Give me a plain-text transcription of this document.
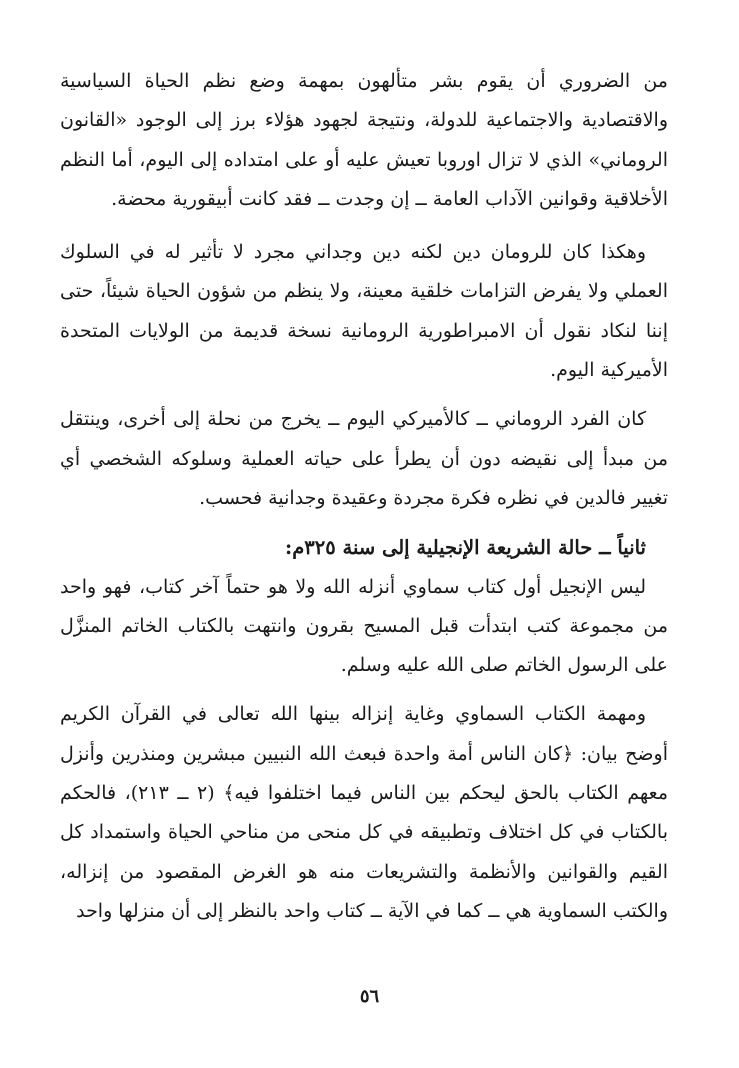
من الضروري أن يقوم بشر متألهون بمهمة وضع نظم الحياة السياسية والاقتصادية والاجتماعية للدولة، ونتيجة لجهود هؤلاء برز إلى الوجود «القانون الروماني» الذي لا تزال اوروبا تعيش عليه أو على امتداده إلى اليوم، أما النظم الأخلاقية وقوانين الآداب العامة ــ إن وجدت ــ فقد كانت أبيقورية محضة.

وهكذا كان للرومان دين لكنه دين وجداني مجرد لا تأثير له في السلوك العملي ولا يفرض التزامات خلقية معينة، ولا ينظم من شؤون الحياة شيئاً، حتى إننا لنكاد نقول أن الامبراطورية الرومانية نسخة قديمة من الولايات المتحدة الأميركية اليوم.

كان الفرد الروماني ــ كالأميركي اليوم ــ يخرج من نحلة إلى أخرى، وينتقل من مبدأ إلى نقيضه دون أن يطرأ على حياته العملية وسلوكه الشخصي أي تغيير فالدين في نظره فكرة مجردة وعقيدة وجدانية فحسب.

ثانياً ــ حالة الشريعة الإنجيلية إلى سنة ٣٢٥م:

ليس الإنجيل أول كتاب سماوي أنزله الله ولا هو حتماً آخر كتاب، فهو واحد من مجموعة كتب ابتدأت قبل المسيح بقرون وانتهت بالكتاب الخاتم المنزَّل على الرسول الخاتم صلى الله عليه وسلم.

ومهمة الكتاب السماوي وغاية إنزاله بينها الله تعالى في القرآن الكريم أوضح بيان: ﴿كان الناس أمة واحدة فبعث الله النبيين مبشرين ومنذرين وأنزل معهم الكتاب بالحق ليحكم بين الناس فيما اختلفوا فيه﴾ (٢ ــ ٢١٣)، فالحكم بالكتاب في كل اختلاف وتطبيقه في كل منحى من مناحي الحياة واستمداد كل القيم والقوانين والأنظمة والتشريعات منه هو الغرض المقصود من إنزاله، والكتب السماوية هي ــ كما في الآية ــ كتاب واحد بالنظر إلى أن منزلها واحد

٥٦
